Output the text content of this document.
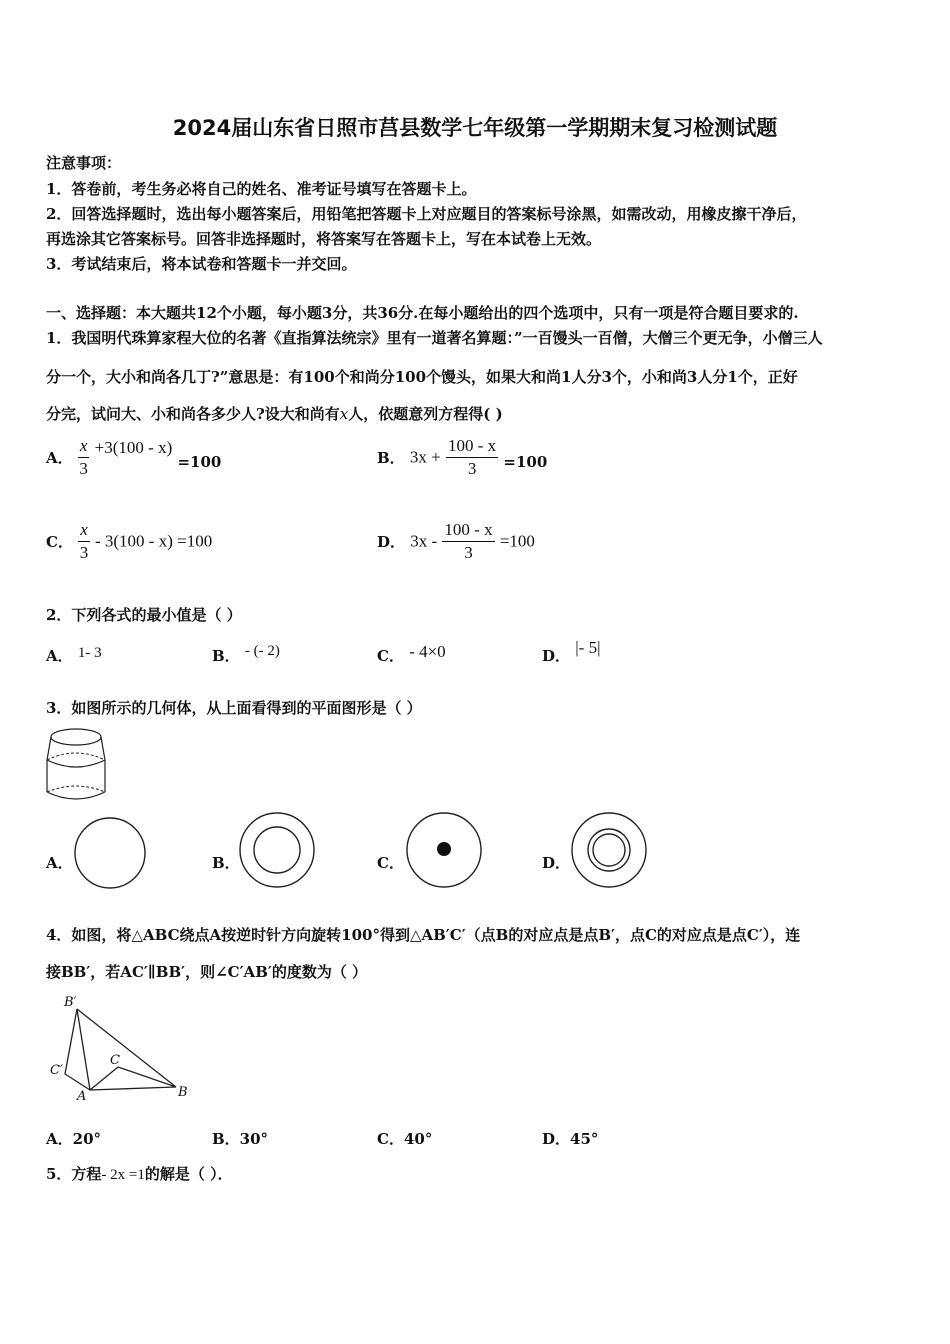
2024届山东省日照市莒县数学七年级第一学期期末复习检测试题
注意事项：
1．答卷前，考生务必将自己的姓名、准考证号填写在答题卡上。
2．回答选择题时，选出每小题答案后，用铅笔把答题卡上对应题目的答案标号涂黑，如需改动，用橡皮擦干净后，
再选涂其它答案标号。回答非选择题时，将答案写在答题卡上，写在本试卷上无效。
3．考试结束后，将本试卷和答题卡一并交回。
一、选择题：本大题共12个小题，每小题3分，共36分.在每小题给出的四个选项中，只有一项是符合题目要求的.
1．我国明代珠算家程大位的名著《直指算法统宗》里有一道著名算题：”一百馒头一百僧，大僧三个更无争，小僧三人
分一个，大小和尚各几丁?”意思是：有100个和尚分100个馒头，如果大和尚1人分3个，小和尚3人分1个，正好
分完，试问大、小和尚各多少人?设大和尚有x人，依题意列方程得( )
A． $\frac{x}{3} +3(100 - x) =100$	B． $3x + \frac{100 - x}{3} =100$
C． $\frac{x}{3} - 3(100 - x) =100$	D． $3x - \frac{100 - x}{3} =100$
2．下列各式的最小值是（ ）
A． 1- 3	B． - (- 2)	C． - 4×0	D． |- 5|
3．如图所示的几何体，从上面看得到的平面图形是（ ）
A．	B．	C．	D．
4．如图，将△ABC绕点A按逆时针方向旋转100°得到△AB′C′（点B的对应点是点B′，点C的对应点是点C′），连
接BB′，若AC′∥BB′，则∠C′AB′的度数为（ ）
B′
C′
C
A	B
A．20°	B．30°	C．40°	D．45°
5．方程- 2x =1的解是（ ）．
